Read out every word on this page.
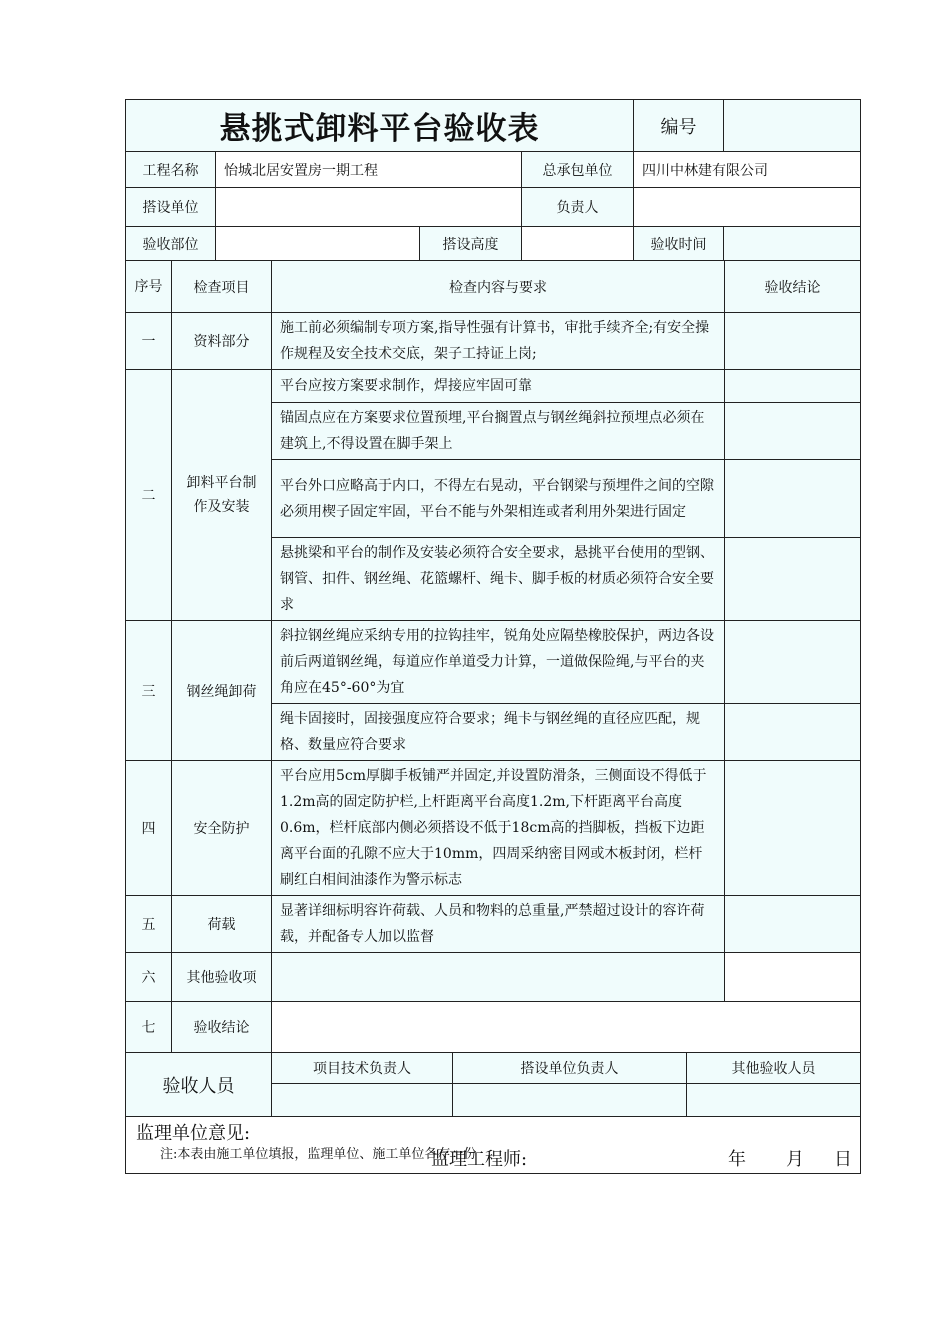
悬挑式卸料平台验收表			编号	
工程名称	怡城北居安置房一期工程	总承包单位	四川中林建有限公司	
搭设单位		负责人		
验收部位		搭设高度		验收时间	
序号	检查项目	检查内容与要求	验收结论
一	资料部分	施工前必须编制专项方案,指导性强有计算书，审批手续齐全;有安全操作规程及安全技术交底，架子工持证上岗;	
二	卸料平台制作及安装	平台应按方案要求制作，焊接应牢固可靠	
		锚固点应在方案要求位置预埋,平台搁置点与钢丝绳斜拉预埋点必须在建筑上,不得设置在脚手架上	
		平台外口应略高于内口，不得左右晃动，平台钢梁与预埋件之间的空隙必须用楔子固定牢固，平台不能与外架相连或者利用外架进行固定	
		悬挑梁和平台的制作及安装必须符合安全要求，悬挑平台使用的型钢、钢管、扣件、钢丝绳、花篮螺杆、绳卡、脚手板的材质必须符合安全要求	
三	钢丝绳卸荷	斜拉钢丝绳应采纳专用的拉钩挂牢，锐角处应隔垫橡胶保护，两边各设前后两道钢丝绳，每道应作单道受力计算，一道做保险绳,与平台的夹角应在45°-60°为宜	
		绳卡固接时，固接强度应符合要求；绳卡与钢丝绳的直径应匹配，规格、数量应符合要求	
四	安全防护	平台应用5cm厚脚手板铺严并固定,并设置防滑条，三侧面设不得低于1.2m高的固定防护栏,上杆距离平台高度1.2m,下杆距离平台高度0.6m，栏杆底部内侧必须搭设不低于18cm高的挡脚板，挡板下边距离平台面的孔隙不应大于10mm，四周采纳密目网或木板封闭，栏杆刷红白相间油漆作为警示标志	
五	荷载	显著详细标明容许荷载、人员和物料的总重量,严禁超过设计的容许荷载，并配备专人加以监督	
六	其他验收项		
七	验收结论		
验收人员	项目技术负责人	搭设单位负责人	其他验收人员

监理单位意见:
监理工程师: 年 月 日			
注:本表由施工单位填报，监理单位、施工单位各存一份
